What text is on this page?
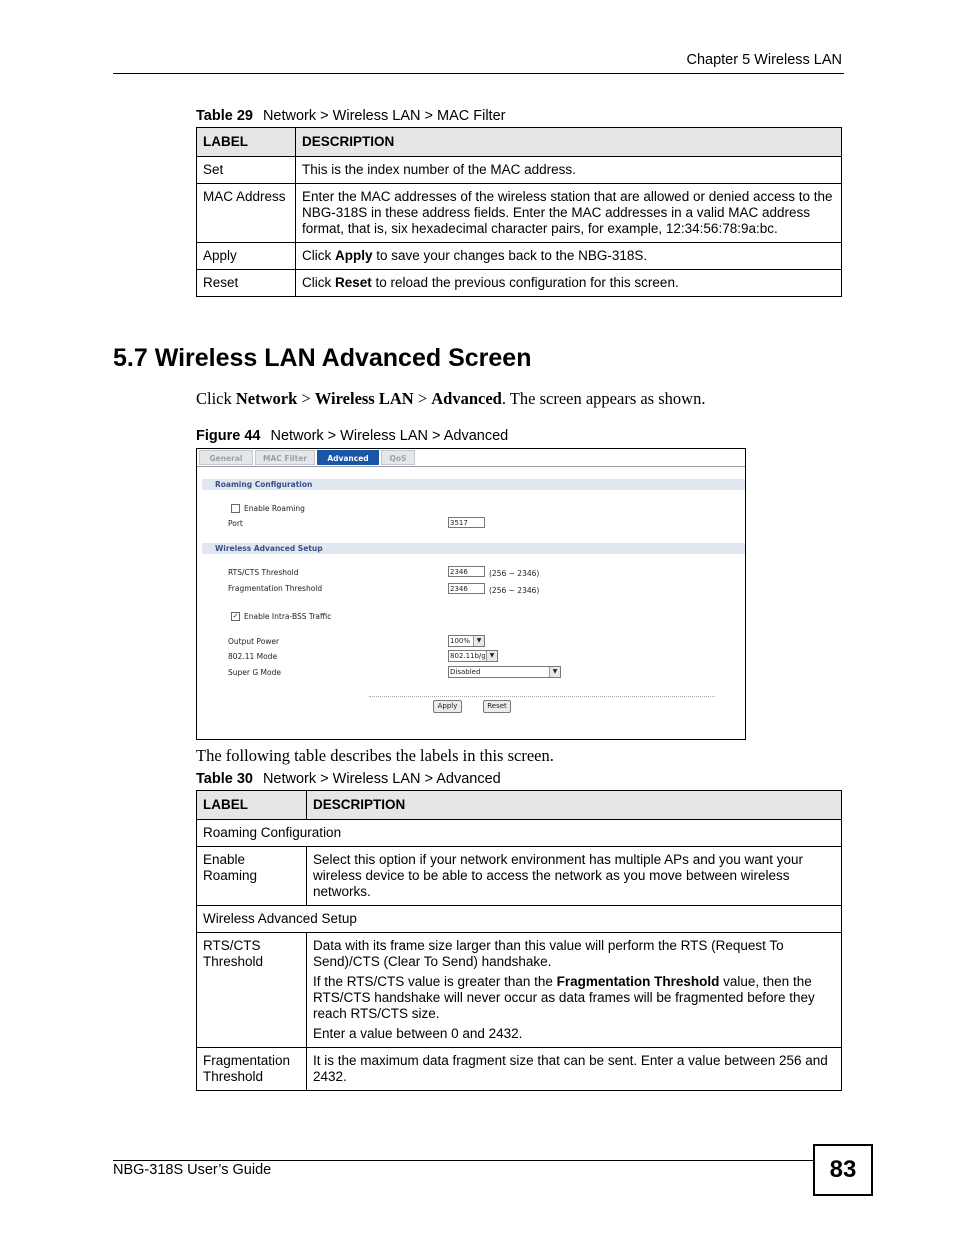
Chapter 5 Wireless LAN
Table 29 Network > Wireless LAN > MAC Filter
LABEL	DESCRIPTION
Set	This is the index number of the MAC address.
MAC Address	Enter the MAC addresses of the wireless station that are allowed or denied access to the NBG-318S in these address fields. Enter the MAC addresses in a valid MAC address format, that is, six hexadecimal character pairs, for example, 12:34:56:78:9a:bc.
Apply	Click Apply to save your changes back to the NBG-318S.
Reset	Click Reset to reload the previous configuration for this screen.
5.7 Wireless LAN Advanced Screen
Click Network > Wireless LAN > Advanced. The screen appears as shown.
Figure 44 Network > Wireless LAN > Advanced
General	MAC Filter	Advanced	QoS
Roaming Configuration
Enable Roaming
Port	3517
Wireless Advanced Setup
RTS/CTS Threshold	2346	(256 ~ 2346)
Fragmentation Threshold	2346	(256 ~ 2346)
✓ Enable Intra-BSS Traffic
Output Power	100%	▼
802.11 Mode	802.11b/g ▼
Super G Mode	Disabled	▼
Apply	Reset
The following table describes the labels in this screen.
Table 30 Network > Wireless LAN > Advanced
LABEL	DESCRIPTION
Roaming Configuration	
Enable Roaming	Select this option if your network environment has multiple APs and you want your wireless device to be able to access the network as you move between wireless networks.
Wireless Advanced Setup	
RTS/CTS Threshold	Data with its frame size larger than this value will perform the RTS (Request To Send)/CTS (Clear To Send) handshake.

If the RTS/CTS value is greater than the Fragmentation Threshold value, then the RTS/CTS handshake will never occur as data frames will be fragmented before they reach RTS/CTS size.

Enter a value between 0 and 2432.

Fragmentation Threshold	It is the maximum data fragment size that can be sent. Enter a value between 256 and 2432.
NBG-318S User’s Guide	83
